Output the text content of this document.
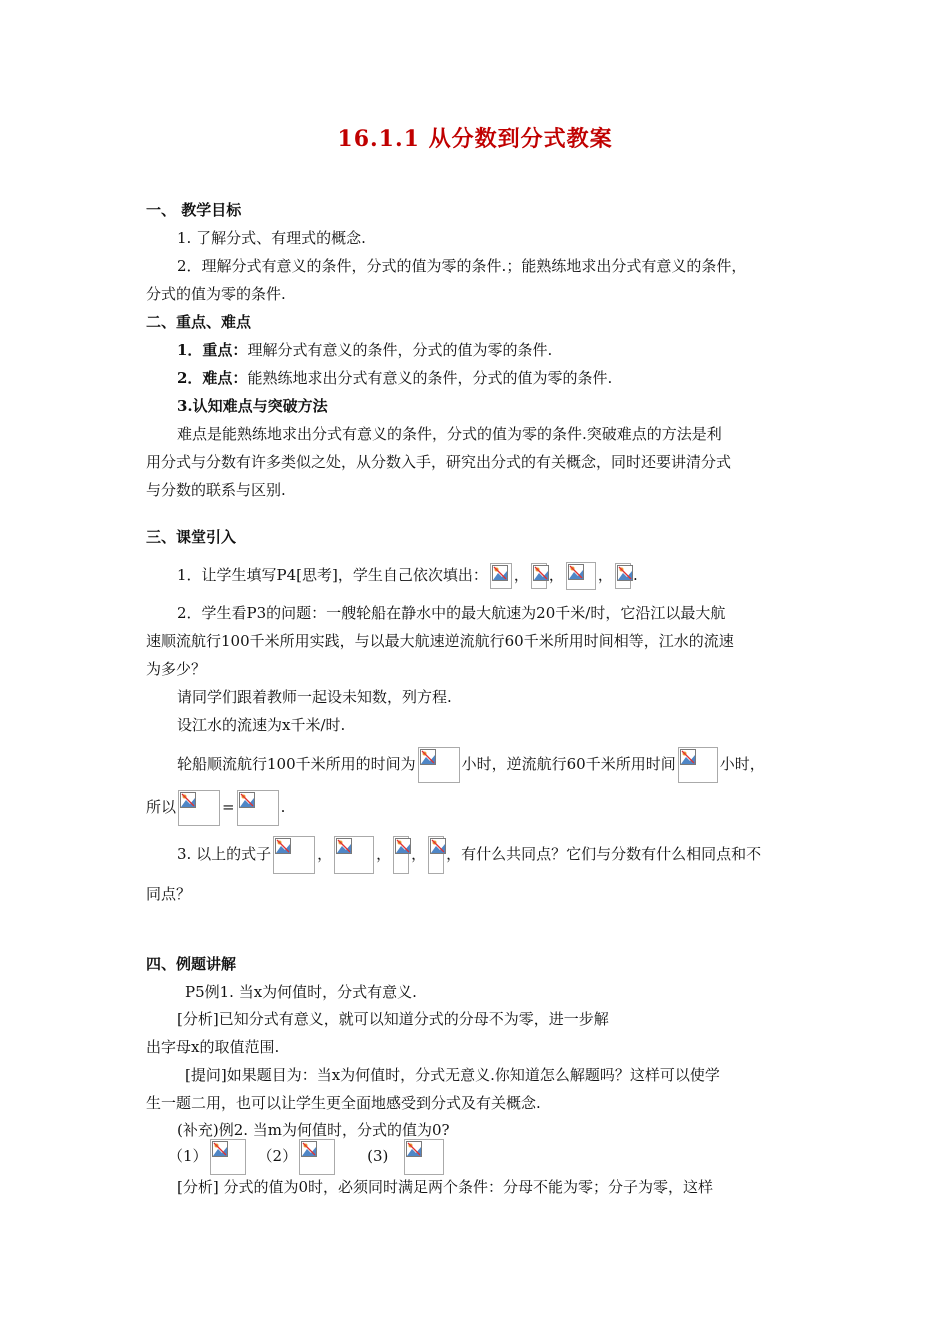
16.1.1 从分数到分式教案
一、 教学目标
1. 了解分式、有理式的概念.
2．理解分式有意义的条件，分式的值为零的条件.；能熟练地求出分式有意义的条件，
分式的值为零的条件.
二、重点、难点
1．重点：理解分式有意义的条件，分式的值为零的条件.
2．难点：能熟练地求出分式有意义的条件，分式的值为零的条件.
3.认知难点与突破方法
难点是能熟练地求出分式有意义的条件，分式的值为零的条件.突破难点的方法是利
用分式与分数有许多类似之处，从分数入手，研究出分式的有关概念，同时还要讲清分式
与分数的联系与区别.
三、课堂引入
1．让学生填写P4[思考]，学生自己依次填出： ， ， ， .
2．学生看P3的问题：一艘轮船在静水中的最大航速为20千米/时，它沿江以最大航
速顺流航行100千米所用实践，与以最大航速逆流航行60千米所用时间相等，江水的流速
为多少？
请同学们跟着教师一起设未知数，列方程.
设江水的流速为x千米/时.
轮船顺流航行100千米所用的时间为	小时，逆流航行60千米所用时间	小时，
所以	=	.
3. 以上的式子	，	， ， ，有什么共同点？它们与分数有什么相同点和不
同点？
四、例题讲解
P5例1. 当x为何值时，分式有意义.
[分析]已知分式有意义，就可以知道分式的分母不为零，进一步解
出字母x的取值范围.
[提问]如果题目为：当x为何值时，分式无意义.你知道怎么解题吗？这样可以使学
生一题二用，也可以让学生更全面地感受到分式及有关概念.
(补充)例2. 当m为何值时，分式的值为0?
（1）	（2）	(3)
[分析] 分式的值为0时，必须同时满足两个条件：分母不能为零；分子为零，这样
